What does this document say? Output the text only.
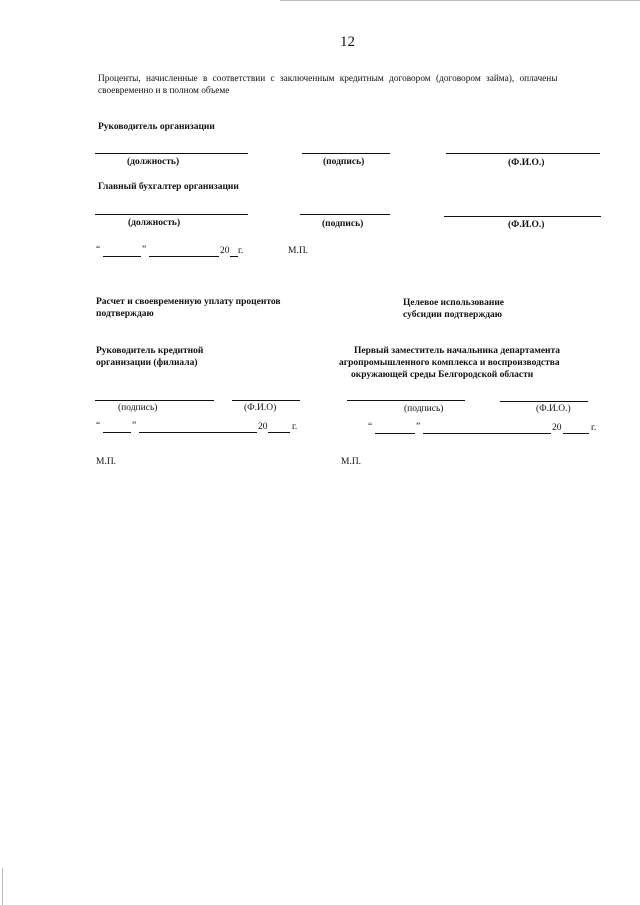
12
Проценты, начисленные в соответствии с заключенным кредитным договором (договором займа), оплачены
своевременно и в полном объеме
Руководитель организации
(должность)	(подпись)	(Ф.И.О.)
Главный бухгалтер организации
(должность)	(подпись)	(Ф.И.О.)
“	”	20 г.	М.П.
Расчет и своевременную уплату процентов
подтверждаю
Руководитель кредитной
организации (филиала)
(подпись)	(Ф.И.О)
“	”	20	г.
М.П.
Целевое использование
субсидии подтверждаю
Первый заместитель начальника департамента
агропромышленного комплекса и воспроизводства
окружающей среды Белгородской области
(подпись)	(Ф.И.О.)
“	”	20	г.
М.П.
